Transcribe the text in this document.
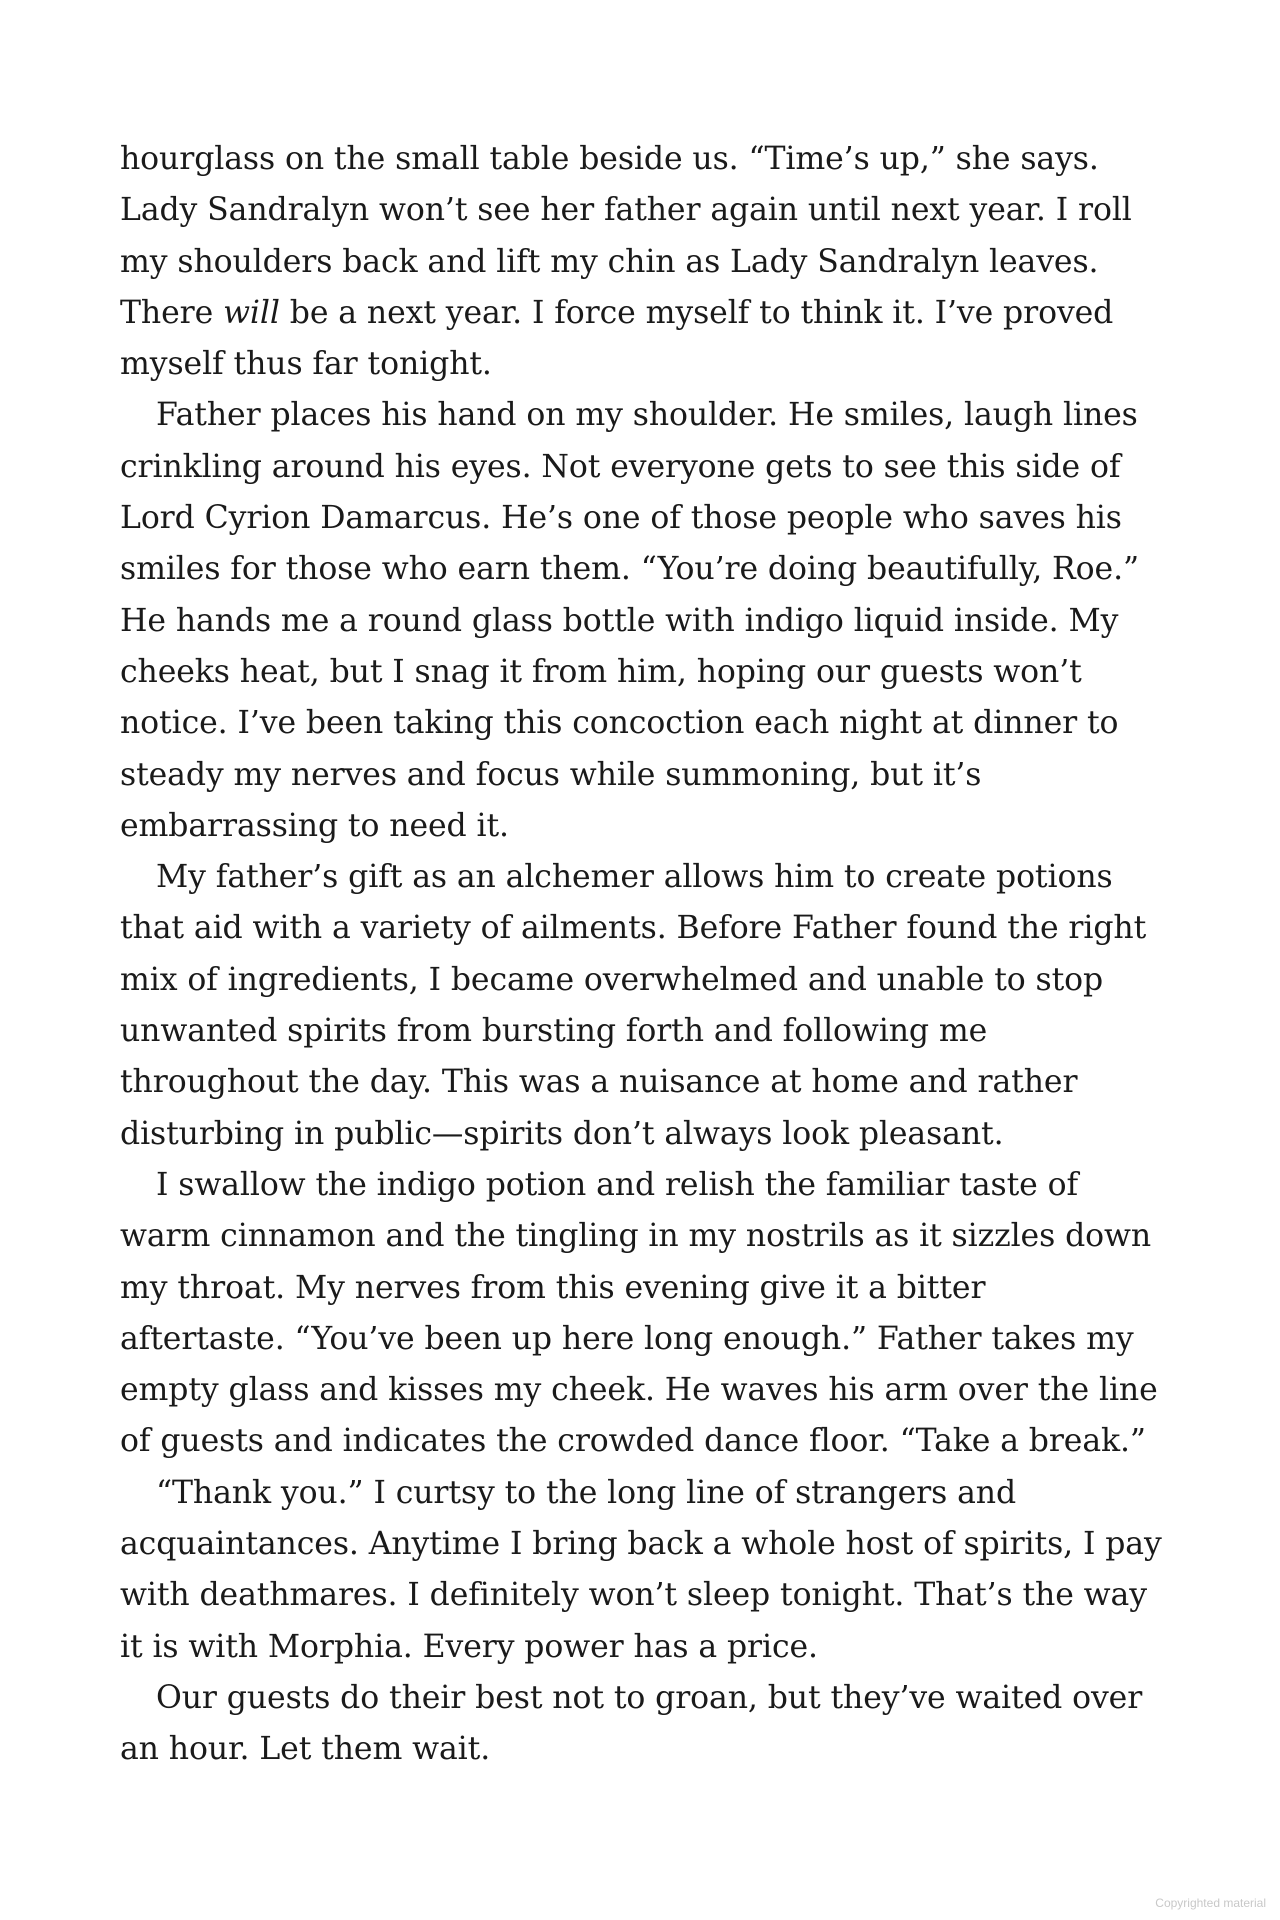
hourglass on the small table beside us. “Time’s up,” she says.
Lady Sandralyn won’t see her father again until next year. I roll
my shoulders back and lift my chin as Lady Sandralyn leaves.
There will be a next year. I force myself to think it. I’ve proved
myself thus far tonight.
Father places his hand on my shoulder. He smiles, laugh lines
crinkling around his eyes. Not everyone gets to see this side of
Lord Cyrion Damarcus. He’s one of those people who saves his
smiles for those who earn them. “You’re doing beautifully, Roe.”
He hands me a round glass bottle with indigo liquid inside. My
cheeks heat, but I snag it from him, hoping our guests won’t
notice. I’ve been taking this concoction each night at dinner to
steady my nerves and focus while summoning, but it’s
embarrassing to need it.
My father’s gift as an alchemer allows him to create potions
that aid with a variety of ailments. Before Father found the right
mix of ingredients, I became overwhelmed and unable to stop
unwanted spirits from bursting forth and following me
throughout the day. This was a nuisance at home and rather
disturbing in public—spirits don’t always look pleasant.
I swallow the indigo potion and relish the familiar taste of
warm cinnamon and the tingling in my nostrils as it sizzles down
my throat. My nerves from this evening give it a bitter
aftertaste. “You’ve been up here long enough.” Father takes my
empty glass and kisses my cheek. He waves his arm over the line
of guests and indicates the crowded dance floor. “Take a break.”
“Thank you.” I curtsy to the long line of strangers and
acquaintances. Anytime I bring back a whole host of spirits, I pay
with deathmares. I definitely won’t sleep tonight. That’s the way
it is with Morphia. Every power has a price.
Our guests do their best not to groan, but they’ve waited over
an hour. Let them wait.
Copyrighted material
